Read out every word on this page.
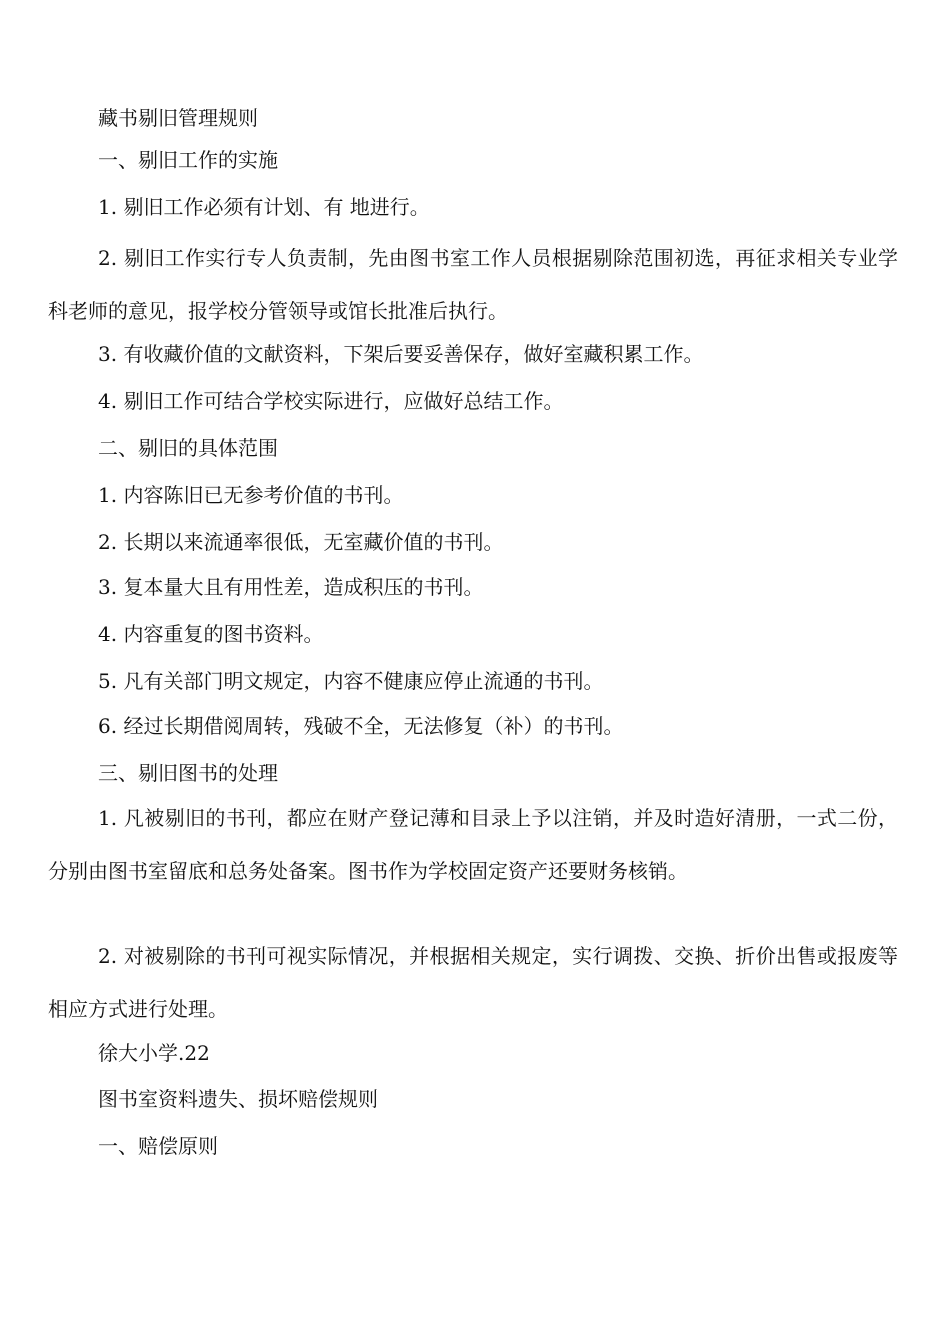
藏书剔旧管理规则
一、剔旧工作的实施
1. 剔旧工作必须有计划、有 地进行。
2. 剔旧工作实行专人负责制，先由图书室工作人员根据剔除范围初选，再征求相关专业学科老师的意见，报学校分管领导或馆长批准后执行。
3. 有收藏价值的文献资料，下架后要妥善保存，做好室藏积累工作。
4. 剔旧工作可结合学校实际进行，应做好总结工作。
二、剔旧的具体范围
1. 内容陈旧已无参考价值的书刊。
2. 长期以来流通率很低，无室藏价值的书刊。
3. 复本量大且有用性差，造成积压的书刊。
4. 内容重复的图书资料。
5. 凡有关部门明文规定，内容不健康应停止流通的书刊。
6. 经过长期借阅周转，残破不全，无法修复（补）的书刊。
三、剔旧图书的处理
1. 凡被剔旧的书刊，都应在财产登记薄和目录上予以注销，并及时造好清册，一式二份，分别由图书室留底和总务处备案。图书作为学校固定资产还要财务核销。
2. 对被剔除的书刊可视实际情况，并根据相关规定，实行调拨、交换、折价出售或报废等相应方式进行处理。
徐大小学.22
图书室资料遗失、损坏赔偿规则
一、赔偿原则
